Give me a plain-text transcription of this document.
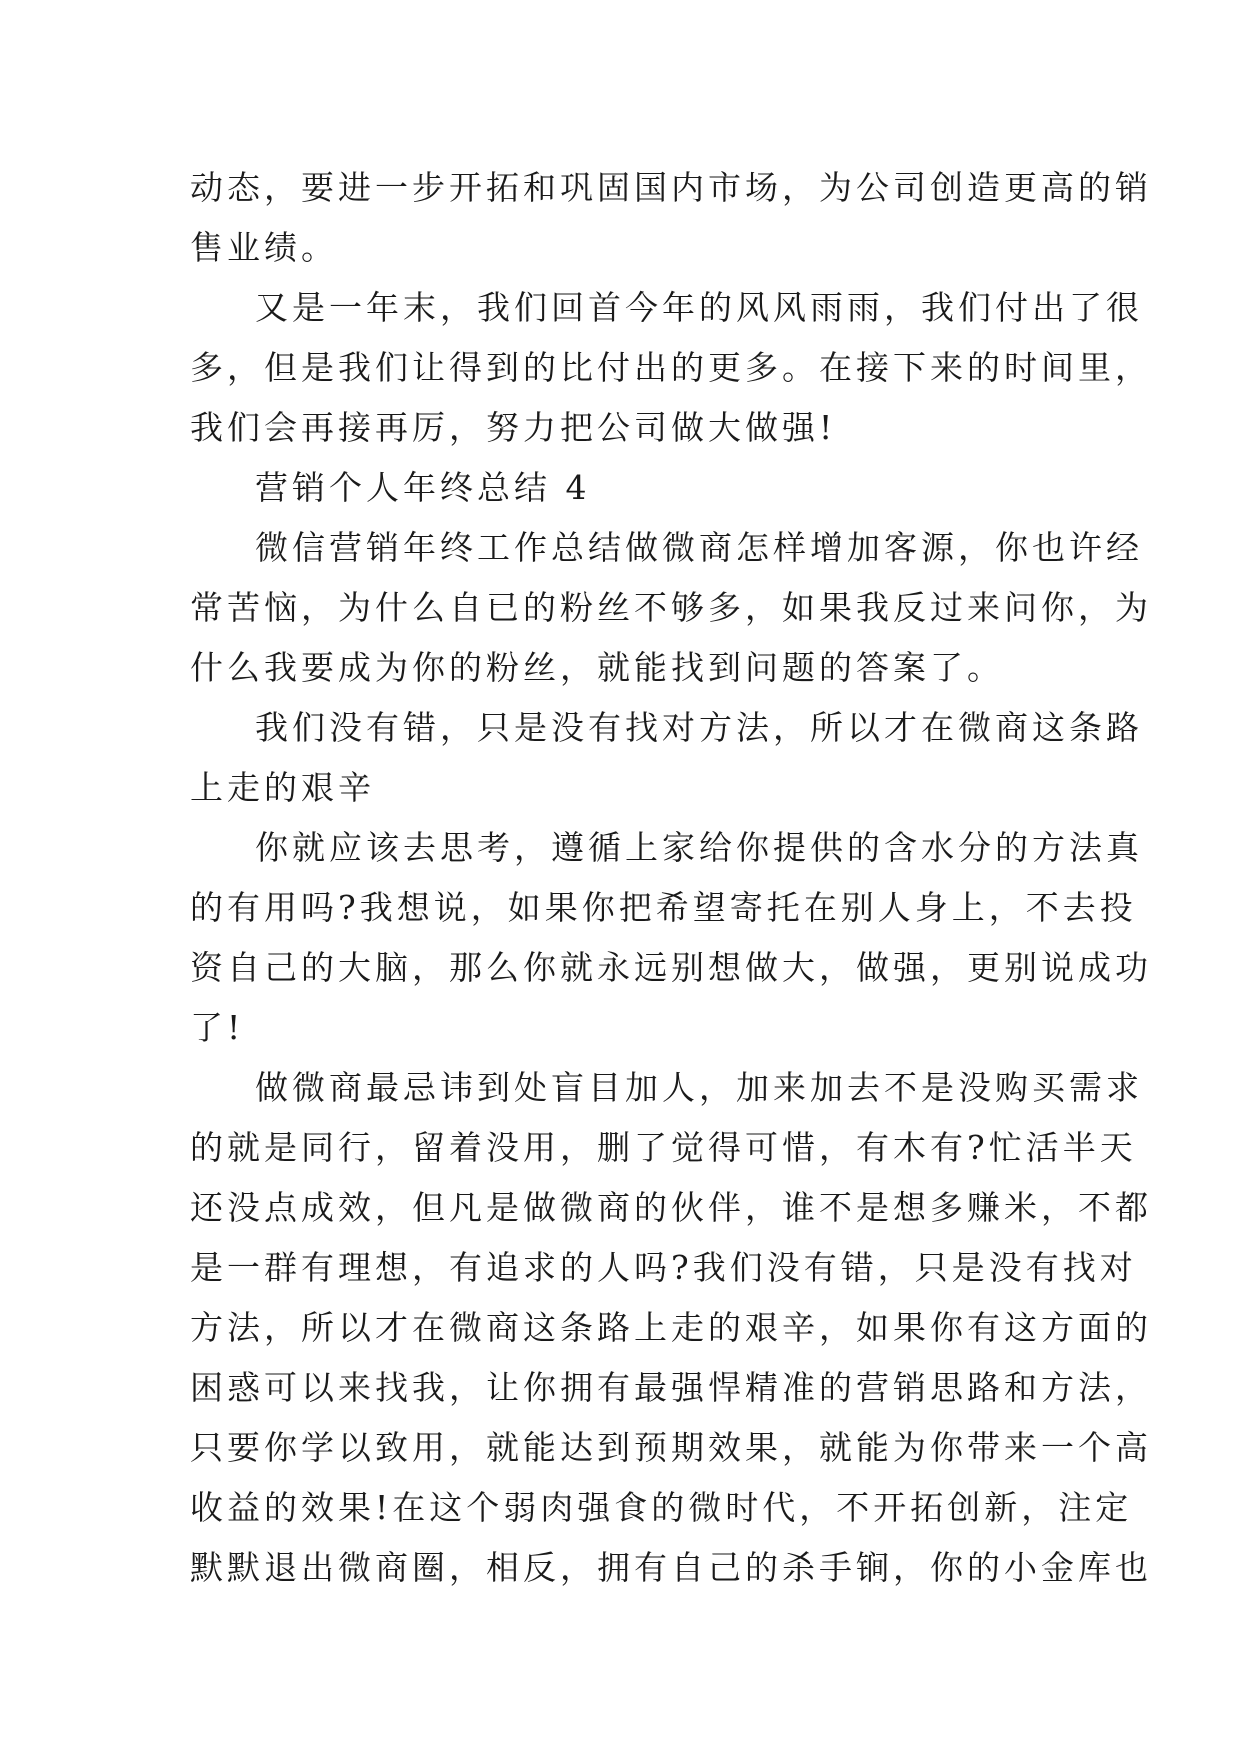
动态，要进一步开拓和巩固国内市场，为公司创造更高的销
售业绩。
又是一年末，我们回首今年的风风雨雨，我们付出了很
多，但是我们让得到的比付出的更多。在接下来的时间里，
我们会再接再厉，努力把公司做大做强!
营销个人年终总结 4
微信营销年终工作总结做微商怎样增加客源，你也许经
常苦恼，为什么自已的粉丝不够多，如果我反过来问你，为
什么我要成为你的粉丝，就能找到问题的答案了。
我们没有错，只是没有找对方法，所以才在微商这条路
上走的艰辛
你就应该去思考，遵循上家给你提供的含水分的方法真
的有用吗?我想说，如果你把希望寄托在别人身上，不去投
资自己的大脑，那么你就永远别想做大，做强，更别说成功
了!
做微商最忌讳到处盲目加人，加来加去不是没购买需求
的就是同行，留着没用，删了觉得可惜，有木有?忙活半天
还没点成效，但凡是做微商的伙伴，谁不是想多赚米，不都
是一群有理想，有追求的人吗?我们没有错，只是没有找对
方法，所以才在微商这条路上走的艰辛，如果你有这方面的
困惑可以来找我，让你拥有最强悍精准的营销思路和方法，
只要你学以致用，就能达到预期效果，就能为你带来一个高
收益的效果!在这个弱肉强食的微时代，不开拓创新，注定
默默退出微商圈，相反，拥有自己的杀手锏，你的小金库也
